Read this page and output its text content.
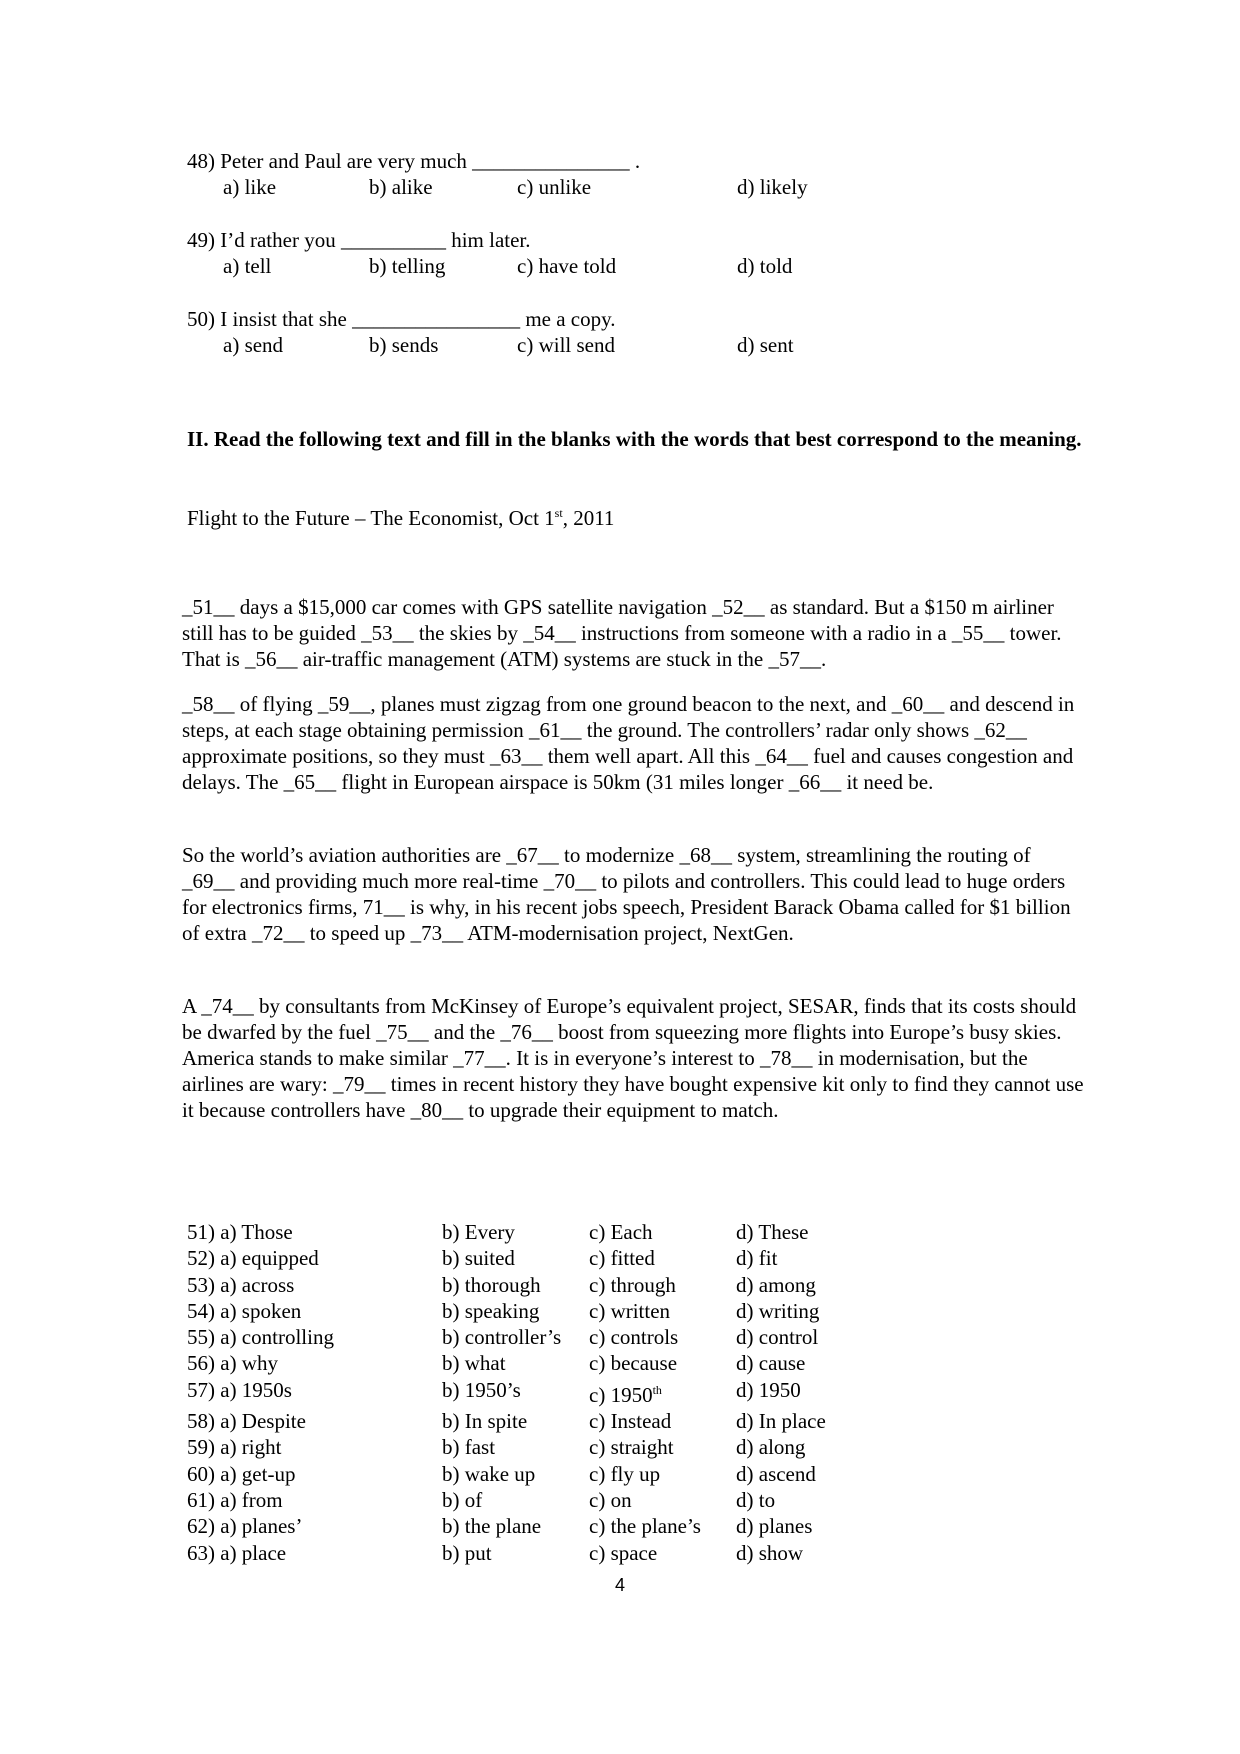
48) Peter and Paul are very much _______________ .
a) like	b) alike	c) unlike	d) likely
49) I’d rather you __________ him later.
a) tell	b) telling	c) have told	d) told
50) I insist that she ________________ me a copy.
a) send	b) sends	c) will send	d) sent
II. Read the following text and fill in the blanks with the words that best correspond to the meaning.
Flight to the Future – The Economist, Oct 1st, 2011

_51__ days a $15,000 car comes with GPS satellite navigation _52__ as standard. But a $150 m airliner still has to be guided _53__ the skies by _54__ instructions from someone with a radio in a _55__ tower. That is _56__ air-traffic management (ATM) systems are stuck in the _57__.

_58__ of flying _59__, planes must zigzag from one ground beacon to the next, and _60__ and descend in steps, at each stage obtaining permission _61__ the ground. The controllers’ radar only shows _62__ approximate positions, so they must _63__ them well apart. All this _64__ fuel and causes congestion and delays. The _65__ flight in European airspace is 50km (31 miles longer _66__ it need be.

So the world’s aviation authorities are _67__ to modernize _68__ system, streamlining the routing of _69__ and providing much more real-time _70__ to pilots and controllers. This could lead to huge orders for electronics firms, 71__ is why, in his recent jobs speech, President Barack Obama called for $1 billion of extra _72__ to speed up _73__ ATM-modernisation project, NextGen.

A _74__ by consultants from McKinsey of Europe’s equivalent project, SESAR, finds that its costs should be dwarfed by the fuel _75__ and the _76__ boost from squeezing more flights into Europe’s busy skies. America stands to make similar _77__. It is in everyone’s interest to _78__ in modernisation, but the airlines are wary: _79__ times in recent history they have bought expensive kit only to find they cannot use it because controllers have _80__ to upgrade their equipment to match.

51) a) Those	b) Every	c) Each	d) These
52) a) equipped	b) suited	c) fitted	d) fit
53) a) across	b) thorough	c) through	d) among
54) a) spoken	b) speaking	c) written	d) writing
55) a) controlling	b) controller’s	c) controls	d) control
56) a) why	b) what	c) because	d) cause
57) a) 1950s	b) 1950’s	c) 1950th	d) 1950
58) a) Despite	b) In spite	c) Instead	d) In place
59) a) right	b) fast	c) straight	d) along
60) a) get-up	b) wake up	c) fly up	d) ascend
61) a) from	b) of	c) on	d) to
62) a) planes’	b) the plane	c) the plane’s	d) planes
63) a) place	b) put	c) space	d) show
4
